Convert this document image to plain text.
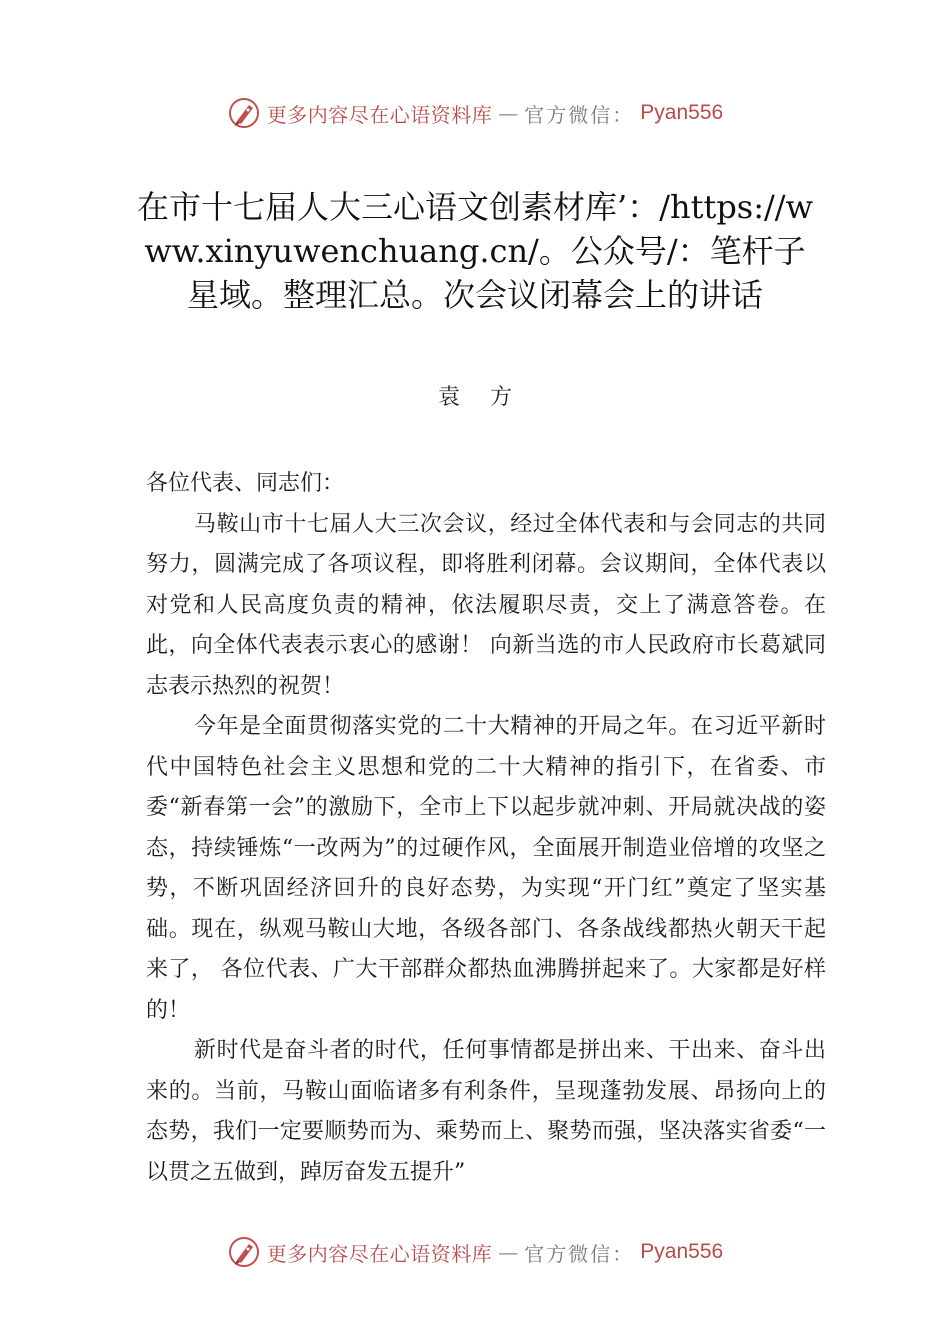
更多内容尽在心语资料库 — 官方微信： Pyan556
在市十七届人大三心语文创素材库’：/https://www.xinyuwenchuang.cn/。公众号/：笔杆子星域。整理汇总。次会议闭幕会上的讲话
袁方

各位代表、同志们：

马鞍山市十七届人大三次会议，经过全体代表和与会同志的共同努力，圆满完成了各项议程，即将胜利闭幕。会议期间，全体代表以对党和人民高度负责的精神，依法履职尽责，交上了满意答卷。在此，向全体代表表示衷心的感谢！ 向新当选的市人民政府市长葛斌同志表示热烈的祝贺！

今年是全面贯彻落实党的二十大精神的开局之年。在习近平新时代中国特色社会主义思想和党的二十大精神的指引下，在省委、市委“新春第一会”的激励下，全市上下以起步就冲刺、开局就决战的姿态，持续锤炼“一改两为”的过硬作风，全面展开制造业倍增的攻坚之势，不断巩固经济回升的良好态势，为实现“开门红”奠定了坚实基础。现在，纵观马鞍山大地，各级各部门、各条战线都热火朝天干起来了， 各位代表、广大干部群众都热血沸腾拼起来了。大家都是好样的！

新时代是奋斗者的时代，任何事情都是拼出来、干出来、奋斗出来的。当前，马鞍山面临诸多有利条件，呈现蓬勃发展、昂扬向上的态势，我们一定要顺势而为、乘势而上、聚势而强，坚决落实省委“一以贯之五做到，踔厉奋发五提升”

更多内容尽在心语资料库 — 官方微信： Pyan556
